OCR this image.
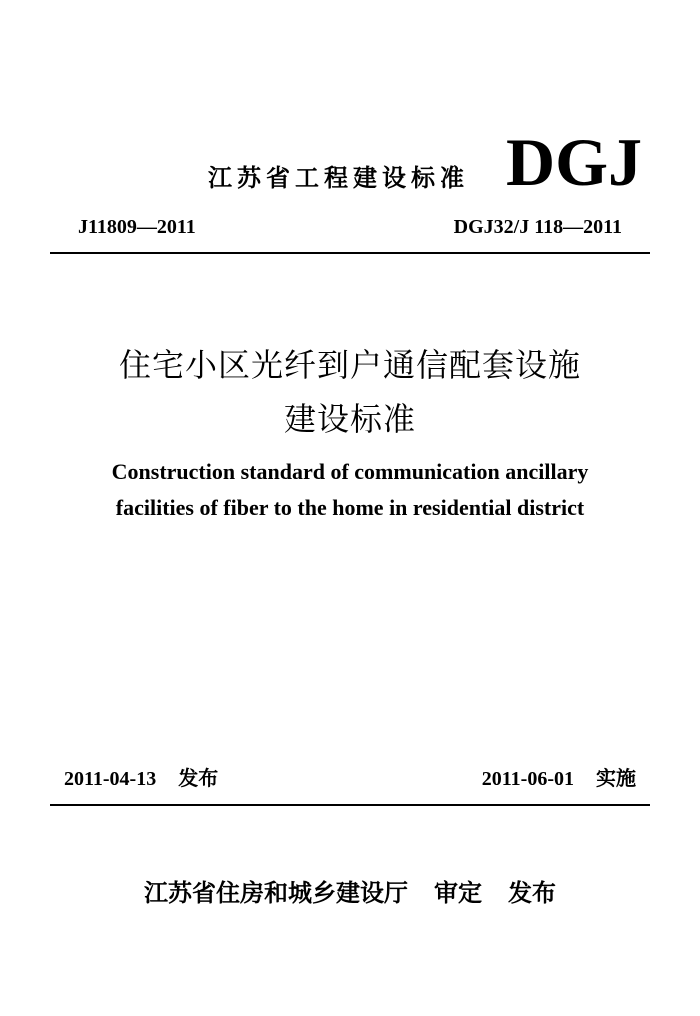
江苏省工程建设标准 DGJ
J11809—2011	DGJ32/J 118—2011
住宅小区光纤到户通信配套设施
建设标准
Construction standard of communication ancillary
facilities of fiber to the home in residential district
2011-04-13 发布	2011-06-01 实施
江苏省住房和城乡建设厅 审定 发布
